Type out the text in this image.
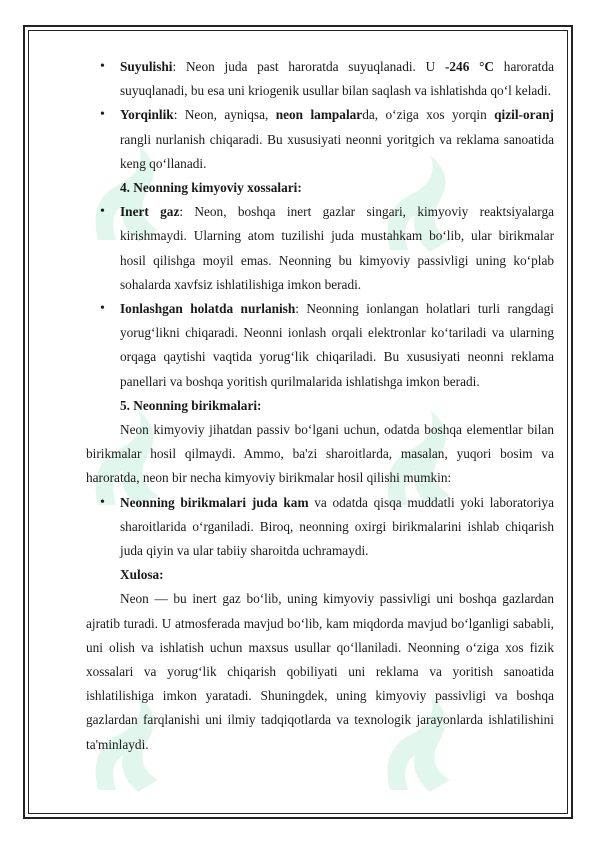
• Suyulishi: Neon juda past haroratda suyuqlanadi. U -246 °C haroratda suyuqlanadi, bu esa uni kriogenik usullar bilan saqlash va ishlatishda qo‘l keladi.
• Yorqinlik: Neon, ayniqsa, neon lampalarda, o‘ziga xos yorqin qizil-oranj rangli nurlanish chiqaradi. Bu xususiyati neonni yoritgich va reklama sanoatida keng qo‘llanadi.
4. Neonning kimyoviy xossalari:
• Inert gaz: Neon, boshqa inert gazlar singari, kimyoviy reaktsiyalarga kirishmaydi. Ularning atom tuzilishi juda mustahkam bo‘lib, ular birikmalar hosil qilishga moyil emas. Neonning bu kimyoviy passivligi uning ko‘plab sohalarda xavfsiz ishlatilishiga imkon beradi.
• Ionlashgan holatda nurlanish: Neonning ionlangan holatlari turli rangdagi yorug‘likni chiqaradi. Neonni ionlash orqali elektronlar ko‘tariladi va ularning orqaga qaytishi vaqtida yorug‘lik chiqariladi. Bu xususiyati neonni reklama panellari va boshqa yoritish qurilmalarida ishlatishga imkon beradi.
5. Neonning birikmalari:
Neon kimyoviy jihatdan passiv bo‘lgani uchun, odatda boshqa elementlar bilan birikmalar hosil qilmaydi. Ammo, ba'zi sharoitlarda, masalan, yuqori bosim va haroratda, neon bir necha kimyoviy birikmalar hosil qilishi mumkin:
• Neonning birikmalari juda kam va odatda qisqa muddatli yoki laboratoriya sharoitlarida o‘rganiladi. Biroq, neonning oxirgi birikmalarini ishlab chiqarish juda qiyin va ular tabiiy sharoitda uchramaydi.
Xulosa:
Neon — bu inert gaz bo‘lib, uning kimyoviy passivligi uni boshqa gazlardan ajratib turadi. U atmosferada mavjud bo‘lib, kam miqdorda mavjud bo‘lganligi sababli, uni olish va ishlatish uchun maxsus usullar qo‘llaniladi. Neonning o‘ziga xos fizik xossalari va yorug‘lik chiqarish qobiliyati uni reklama va yoritish sanoatida ishlatilishiga imkon yaratadi. Shuningdek, uning kimyoviy passivligi va boshqa gazlardan farqlanishi uni ilmiy tadqiqotlarda va texnologik jarayonlarda ishlatilishini ta'minlaydi.
